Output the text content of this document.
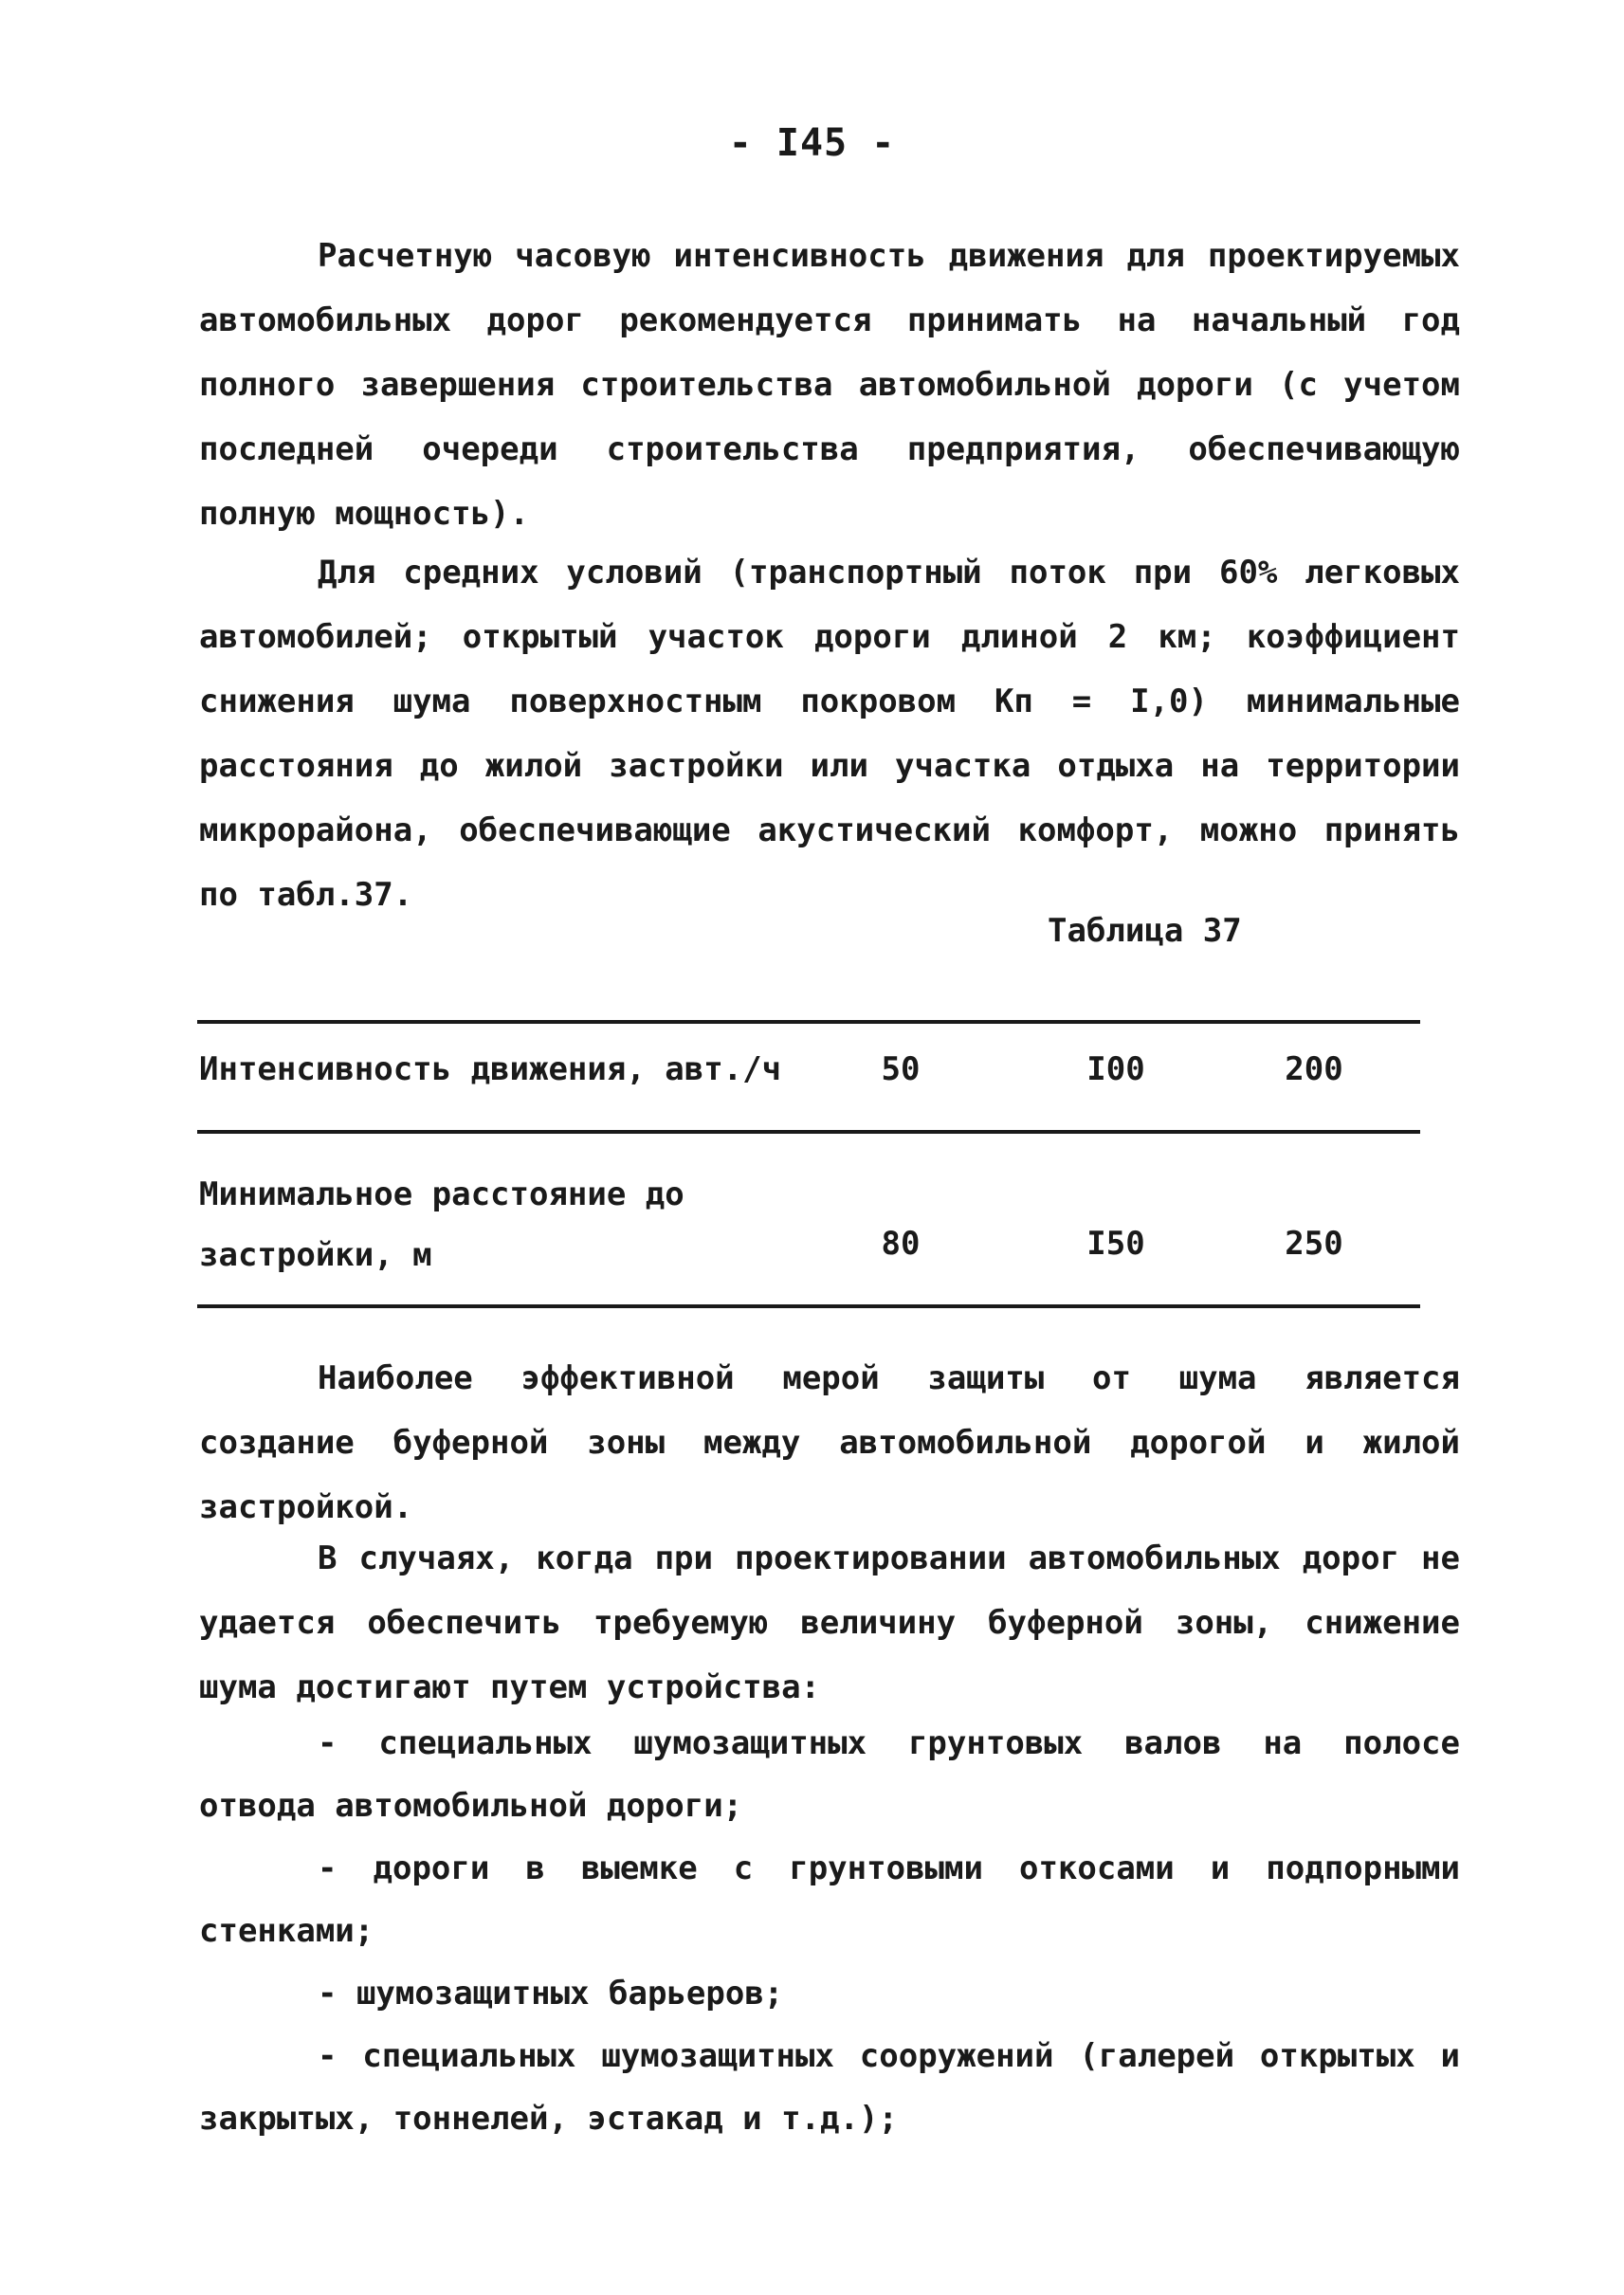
- I45 -

Расчетную часовую интенсивность движения для проектируемых автомобильных дорог рекомендуется принимать на начальный год полного завершения строительства автомобильной дороги (с учетом последней очереди строительства предприятия, обеспечивающую полную мощность).

Для средних условий (транспортный поток при 60% легковых автомобилей; открытый участок дороги длиной 2 км; коэффициент снижения шума поверхностным покровом Кп = I,0) минимальные расстояния до жилой застройки или участка отдыха на территории микрорайона, обеспечивающие акустический комфорт, можно принять по табл.37.

Таблица 37
Интенсивность движения, авт./ч	50	I00	200
Минимальное расстояние до
застройки, м	80	I50	250

Наиболее эффективной мерой защиты от шума является создание буферной зоны между автомобильной дорогой и жилой застройкой.

В случаях, когда при проектировании автомобильных дорог не удается обеспечить требуемую величину буферной зоны, снижение шума достигают путем устройства:

- специальных шумозащитных грунтовых валов на полосе отвода автомобильной дороги;

- дороги в выемке с грунтовыми откосами и подпорными стенками;

- шумозащитных барьеров;

- специальных шумозащитных сооружений (галерей открытых и закрытых, тоннелей, эстакад и т.д.);
